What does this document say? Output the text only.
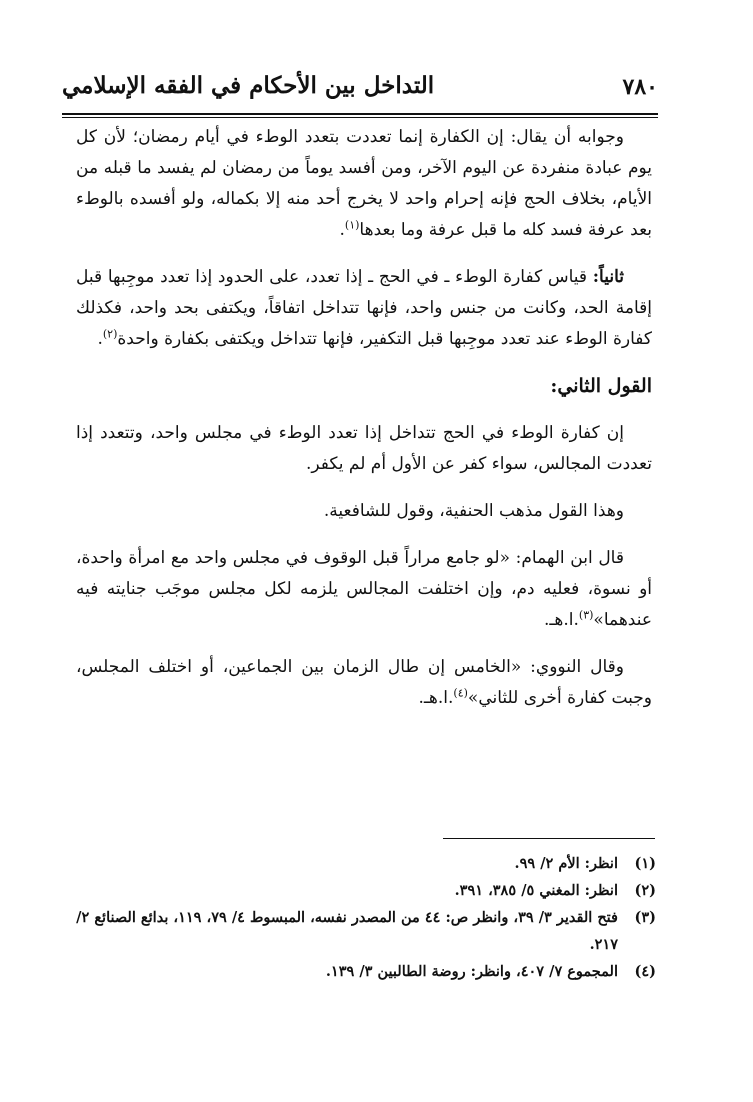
٧٨٠
التداخل بين الأحكام في الفقه الإسلامي

وجوابه أن يقال: إن الكفارة إنما تعددت بتعدد الوطء في أيام رمضان؛ لأن كل يوم عبادة منفردة عن اليوم الآخر، ومن أفسد يوماً من رمضان لم يفسد ما قبله من الأيام، بخلاف الحج فإنه إحرام واحد لا يخرج أحد منه إلا بكماله، ولو أفسده بالوطء بعد عرفة فسد كله ما قبل عرفة وما بعدها$^{(١)}$.

ثانياً: قياس كفارة الوطء ـ في الحج ـ إذا تعدد، على الحدود إذا تعدد موجِبها قبل إقامة الحد، وكانت من جنس واحد، فإنها تتداخل اتفاقاً، ويكتفى بحد واحد، فكذلك كفارة الوطء عند تعدد موجِبها قبل التكفير، فإنها تتداخل ويكتفى بكفارة واحدة$^{(٢)}$.

القول الثاني:

إن كفارة الوطء في الحج تتداخل إذا تعدد الوطء في مجلس واحد، وتتعدد إذا تعددت المجالس، سواء كفر عن الأول أم لم يكفر.

وهذا القول مذهب الحنفية، وقول للشافعية.

قال ابن الهمام: «لو جامع مراراً قبل الوقوف في مجلس واحد مع امرأة واحدة، أو نسوة، فعليه دم، وإن اختلفت المجالس يلزمه لكل مجلس موجَب جنايته فيه عندهما»$^{(٣)}$.ا.هـ.

وقال النووي: «الخامس إن طال الزمان بين الجماعين، أو اختلف المجلس، وجبت كفارة أخرى للثاني»$^{(٤)}$.ا.هـ.

(١)
انظر: الأم ٢/ ٩٩.
(٢)
انظر: المغني ٥/ ٣٨٥، ٣٩١.
(٣)
فتح القدير ٣/ ٣٩، وانظر ص: ٤٤ من المصدر نفسه، المبسوط ٤/ ٧٩، ١١٩، بدائع الصنائع ٢/ ٢١٧.
(٤)
المجموع ٧/ ٤٠٧، وانظر: روضة الطالبين ٣/ ١٣٩.
